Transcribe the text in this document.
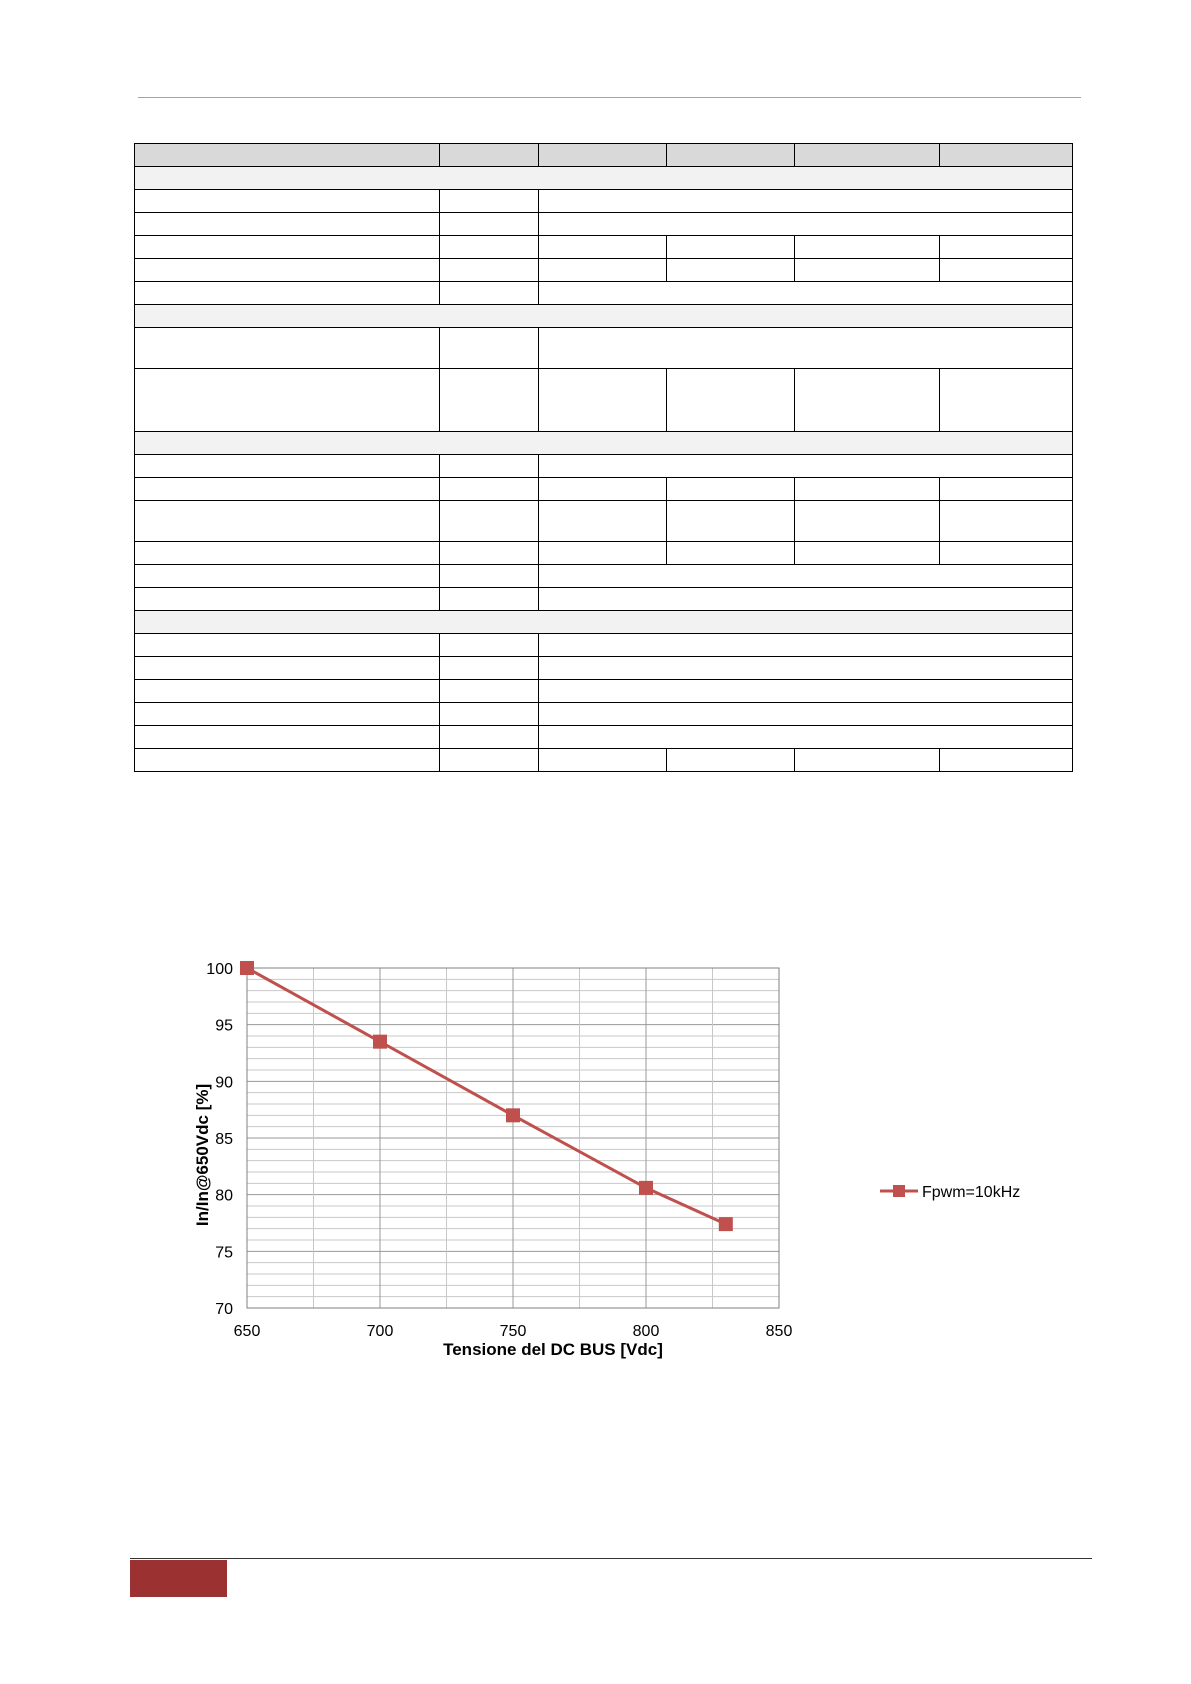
650	700	750	800	850
70
75
80
85
90
95
100
Tensione del DC BUS [Vdc]
In/In@650Vdc [%]	Fpwm=10kHz
